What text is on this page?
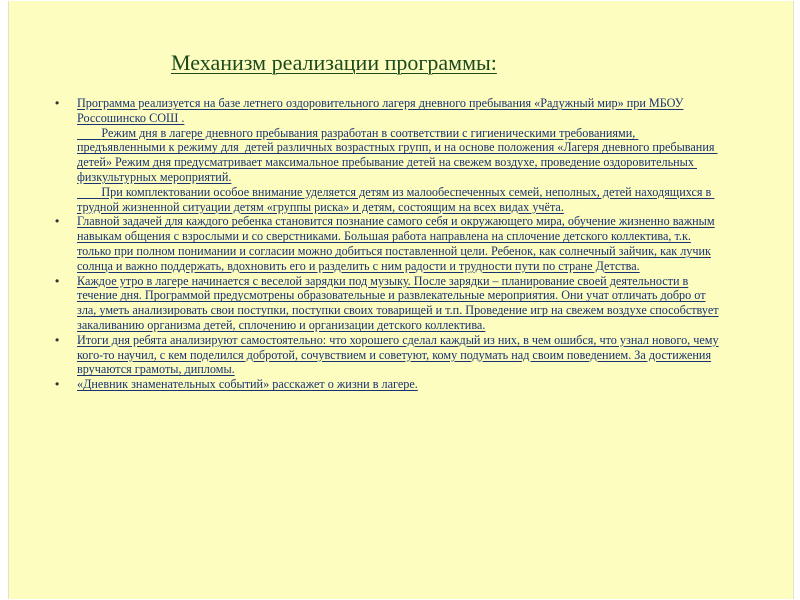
Механизм реализации программы:

• Программа реализуется на базе летнего оздоровительного лагеря дневного пребывания «Радужный мир» при МБОУ Россошинско СОШ .

Режим дня в лагере дневного пребывания разработан в соответствии с гигиеническими требованиями, предъявленными к режиму для  детей различных возрастных групп, и на основе положения «Лагеря дневного пребывания детей» Режим дня предусматривает максимальное пребывание детей на свежем воздухе, проведение оздоровительных физкультурных мероприятий.

При комплектовании особое внимание уделяется детям из малообеспеченных семей, неполных, детей находящихся в трудной жизненной ситуации детям «группы риска» и детям, состоящим на всех видах учёта.

• Главной задачей для каждого ребенка становится познание самого себя и окружающего мира, обучение жизненно важным навыкам общения с взрослыми и со сверстниками. Большая работа направлена на сплочение детского коллектива, т.к. только при полном понимании и согласии можно добиться поставленной цели. Ребенок, как солнечный зайчик, как лучик солнца и важно поддержать, вдохновить его и разделить с ним радости и трудности пути по стране Детства.

• Каждое утро в лагере начинается с веселой зарядки под музыку. После зарядки – планирование своей деятельности в течение дня. Программой предусмотрены образовательные и развлекательные мероприятия. Они учат отличать добро от зла, уметь анализировать свои поступки, поступки своих товарищей и т.п. Проведение игр на свежем воздухе способствует закаливанию организма детей, сплочению и организации детского коллектива.

• Итоги дня ребята анализируют самостоятельно: что хорошего сделал каждый из них, в чем ошибся, что узнал нового, чему кого-то научил, с кем поделился добротой, сочувствием и советуют, кому подумать над своим поведением. За достижения вручаются грамоты, дипломы.

• «Дневник знаменательных событий» расскажет о жизни в лагере.
